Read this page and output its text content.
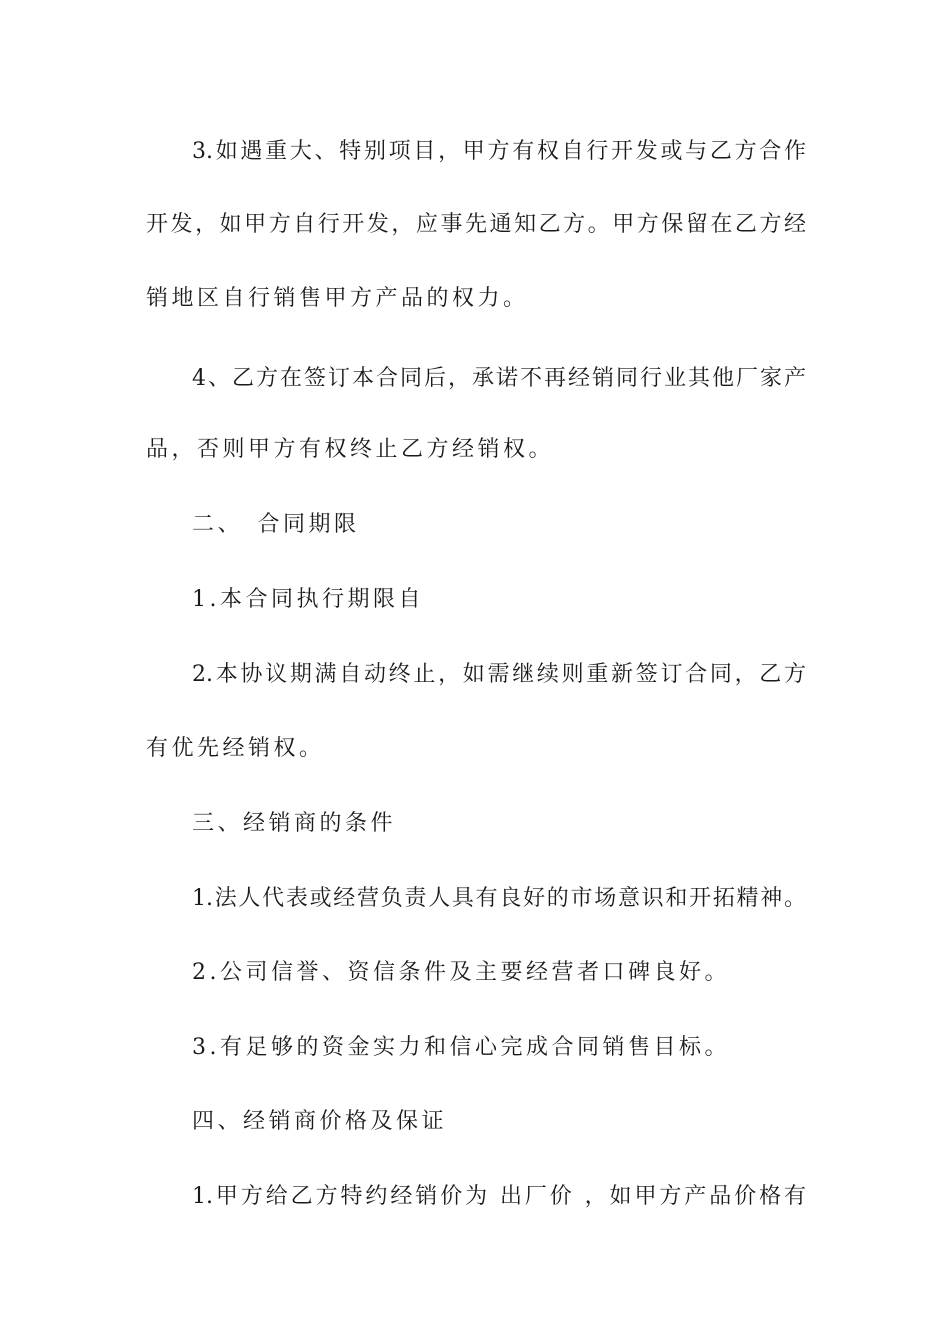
3.如遇重大、特别项目，甲方有权自行开发或与乙方合作
开发，如甲方自行开发，应事先通知乙方。甲方保留在乙方经
销地区自行销售甲方产品的权力。
4、乙方在签订本合同后，承诺不再经销同行业其他厂家产
品，否则甲方有权终止乙方经销权。
二、　合同期限
1.本合同执行期限自
2.本协议期满自动终止，如需继续则重新签订合同，乙方
有优先经销权。
三、经销商的条件
1.法人代表或经营负责人具有良好的市场意识和开拓精神。
2.公司信誉、资信条件及主要经营者口碑良好。
3.有足够的资金实力和信心完成合同销售目标。
四、经销商价格及保证
1.甲方给乙方特约经销价为 出厂价 ，如甲方产品价格有
